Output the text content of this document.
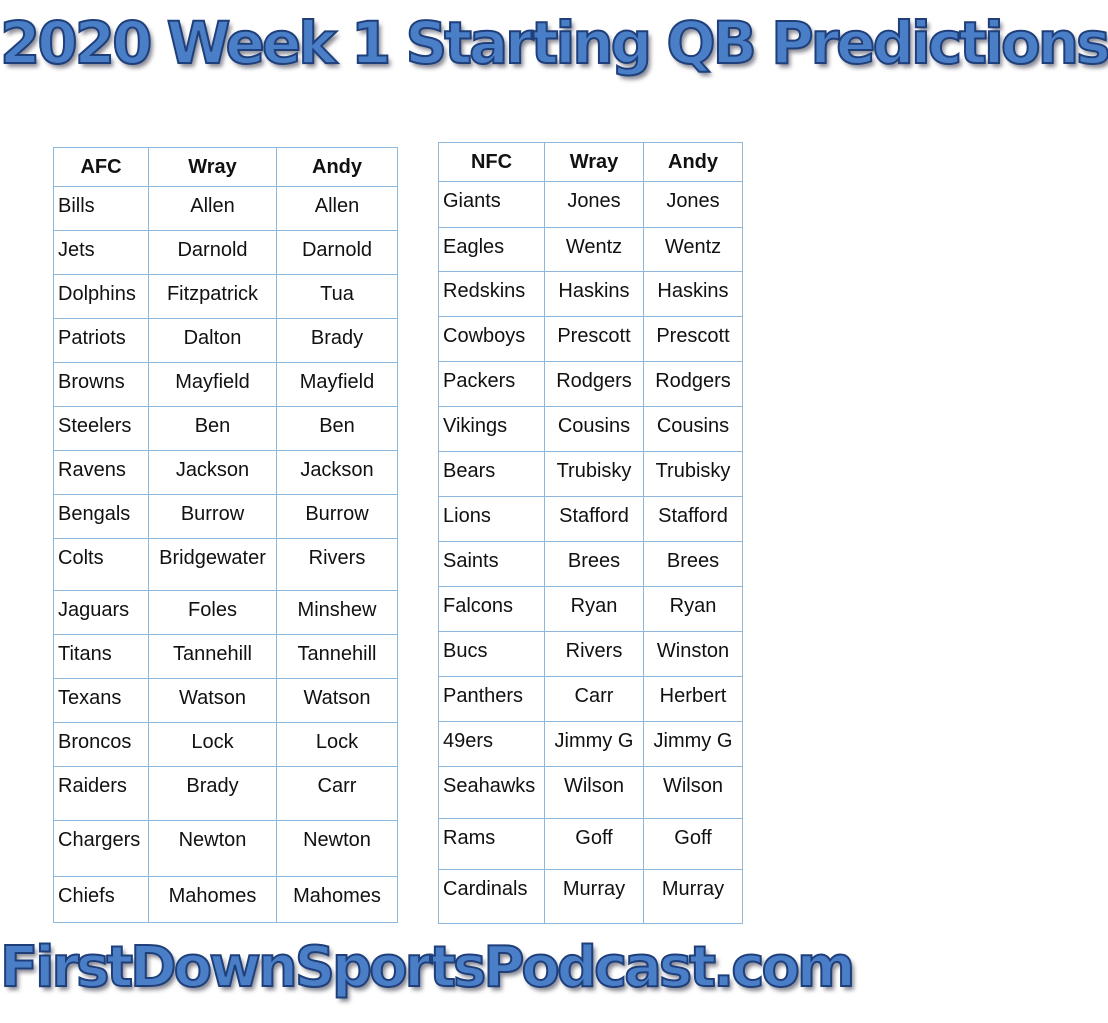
2020 Week 1 Starting QB Predictions
AFC	Wray	Andy
Bills	Allen	Allen
Jets	Darnold	Darnold
Dolphins	Fitzpatrick	Tua
Patriots	Dalton	Brady
Browns	Mayfield	Mayfield
Steelers	Ben	Ben
Ravens	Jackson	Jackson
Bengals	Burrow	Burrow
Colts	Bridgewater	Rivers
Jaguars	Foles	Minshew
Titans	Tannehill	Tannehill
Texans	Watson	Watson
Broncos	Lock	Lock
Raiders	Brady	Carr
Chargers	Newton	Newton
Chiefs	Mahomes	Mahomes
NFC	Wray	Andy
Giants	Jones	Jones
Eagles	Wentz	Wentz
Redskins	Haskins	Haskins
Cowboys	Prescott	Prescott
Packers	Rodgers	Rodgers
Vikings	Cousins	Cousins
Bears	Trubisky	Trubisky
Lions	Stafford	Stafford
Saints	Brees	Brees
Falcons	Ryan	Ryan
Bucs	Rivers	Winston
Panthers	Carr	Herbert
49ers	Jimmy G	Jimmy G
Seahawks	Wilson	Wilson
Rams	Goff	Goff
Cardinals	Murray	Murray
FirstDownSportsPodcast.com
